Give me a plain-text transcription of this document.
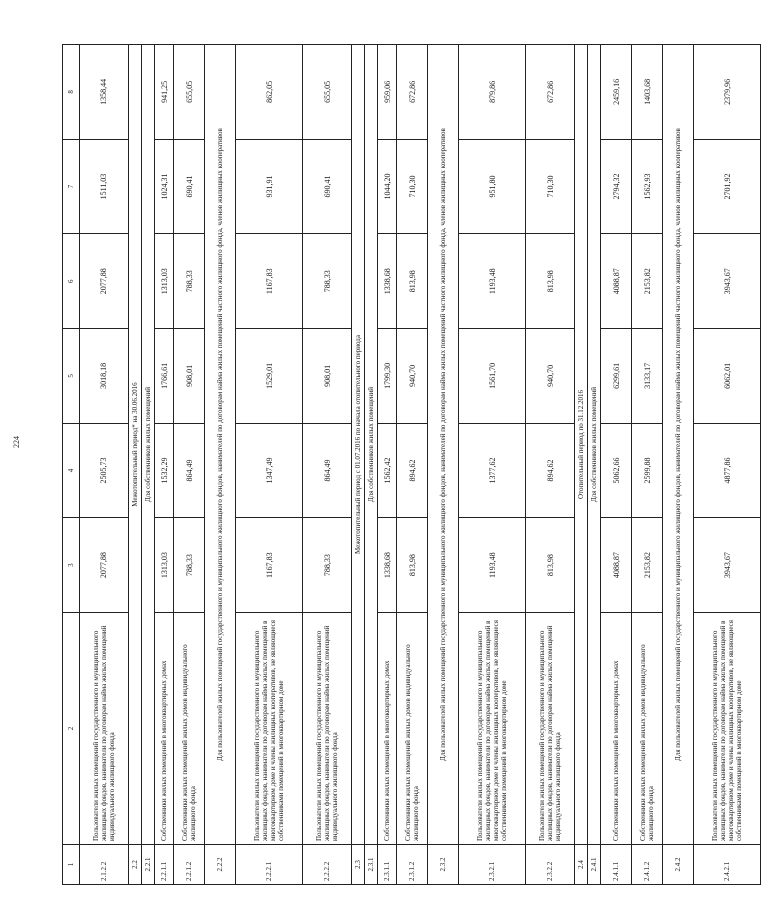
224
1	2	3	4	5	6	7	8
2.1.2.2	Пользователи жилых помещений государственного и муниципального жилищных фондов, наниматели по договорам найма жилых помещений индивидуального жилищного фонда	2077,88	2505,73	3018,18	2077,88	1511,03	1358,44
2.2	Межотопительный период* на 30.06.2016						
2.2.1	Для собственников жилых помещений						
2.2.1.1	Собственники жилых помещений в многоквартирных домах	1313,03	1532,29	1766,61	1313,03	1024,31	941,25
2.2.1.2	Собственники жилых помещений жилых домов индивидуального жилищного фонда	788,33	864,49	908,01	788,33	690,41	655,05
2.2.2	Для пользователей жилых помещений государственного и муниципального жилищного фондов, нанимателей по договорам найма жилых помещений частного жилищного фонда, членов жилищных кооперативов						
2.2.2.1	Пользователи жилых помещений государственного и муниципального жилищных фондов, наниматели по договорам найма жилых помещений в многоквартирном доме и члены жилищных кооперативов, не являющиеся собственниками помещений в многоквартирном доме	1167,83	1347,49	1529,01	1167,83	931,91	862,05
2.2.2.2	Пользователи жилых помещений государственного и муниципального жилищных фондов, наниматели по договорам найма жилых помещений индивидуального жилищного фонда	788,33	864,49	908,01	788,33	690,41	655,05
2.3	Межотопительный период с 01.07.2016 по начала отопительного периода						
2.3.1	Для собственников жилых помещений						
2.3.1.1	Собственники жилых помещений в многоквартирных домах	1338,68	1562,42	1799,30	1338,68	1044,20	959,06
2.3.1.2	Собственники жилых помещений жилых домов индивидуального жилищного фонда	813,98	894,62	940,70	813,98	710,30	672,86
2.3.2	Для пользователей жилых помещений государственного и муниципального жилищного фондов, нанимателей по договорам найма жилых помещений частного жилищного фонда, членов жилищных кооперативов						
2.3.2.1	Пользователи жилых помещений государственного и муниципального жилищных фондов, наниматели по договорам найма жилых помещений в многоквартирном доме и члены жилищных кооперативов, не являющиеся собственниками помещений в многоквартирном доме	1193,48	1377,62	1561,70	1193,48	951,80	879,86
2.3.2.2	Пользователи жилых помещений государственного и муниципального жилищных фондов, наниматели по договорам найма жилых помещений индивидуального жилищного фонда	813,98	894,62	940,70	813,98	710,30	672,86
2.4	Отопительный период по 31.12.2016						
2.4.1	Для собственников жилых помещений						
2.4.1.1	Собственники жилых помещений в многоквартирных домах	4088,87	5062,66	6299,61	4088,87	2794,32	2459,16
2.4.1.2	Собственники жилых помещений жилых домов индивидуального жилищного фонда	2153,82	2599,88	3133,17	2153,82	1562,93	1403,68
2.4.2	Для пользователей жилых помещений государственного и муниципального жилищного фондов, нанимателей по договорам найма жилых помещений частного жилищного фонда, членов жилищных кооперативов						
2.4.2.1	Пользователи жилых помещений государственного и муниципального жилищных фондов, наниматели по договорам найма жилых помещений в многоквартирном доме и члены жилищных кооперативов, не являющиеся собственниками помещений в многоквартирном доме	3943,67	4877,86	6062,01	3943,67	2701,92	2379,96
